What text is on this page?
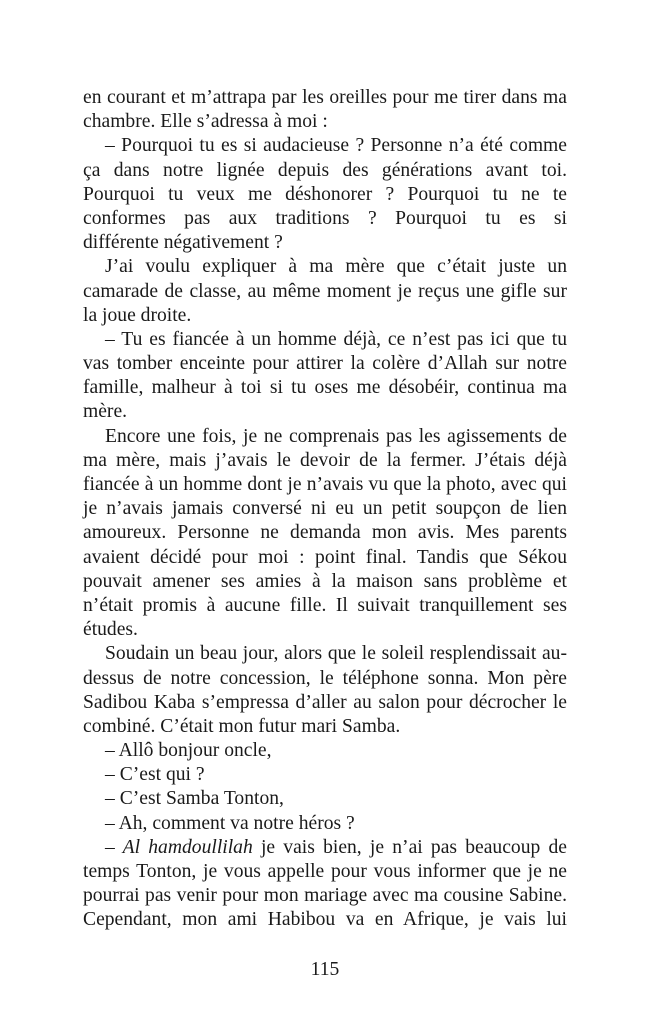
en courant et m’attrapa par les oreilles pour me tirer dans ma
chambre. Elle s’adressa à moi :
– Pourquoi tu es si audacieuse ? Personne n’a été comme
ça dans notre lignée depuis des générations avant toi.
Pourquoi tu veux me déshonorer ? Pourquoi tu ne te
conformes pas aux traditions ? Pourquoi tu es si
différente négativement ?
J’ai voulu expliquer à ma mère que c’était juste un
camarade de classe, au même moment je reçus une gifle sur
la joue droite.
– Tu es fiancée à un homme déjà, ce n’est pas ici que tu
vas tomber enceinte pour attirer la colère d’Allah sur notre
famille, malheur à toi si tu oses me désobéir, continua ma
mère.
Encore une fois, je ne comprenais pas les agissements de
ma mère, mais j’avais le devoir de la fermer. J’étais déjà
fiancée à un homme dont je n’avais vu que la photo, avec qui
je n’avais jamais conversé ni eu un petit soupçon de lien
amoureux. Personne ne demanda mon avis. Mes parents
avaient décidé pour moi : point final. Tandis que Sékou
pouvait amener ses amies à la maison sans problème et
n’était promis à aucune fille. Il suivait tranquillement ses
études.
Soudain un beau jour, alors que le soleil resplendissait au-
dessus de notre concession, le téléphone sonna. Mon père
Sadibou Kaba s’empressa d’aller au salon pour décrocher le
combiné. C’était mon futur mari Samba.
– Allô bonjour oncle,
– C’est qui ?
– C’est Samba Tonton,
– Ah, comment va notre héros ?
– Al hamdoullilah je vais bien, je n’ai pas beaucoup de
temps Tonton, je vous appelle pour vous informer que je ne
pourrai pas venir pour mon mariage avec ma cousine Sabine.
Cependant, mon ami Habibou va en Afrique, je vais lui
115
